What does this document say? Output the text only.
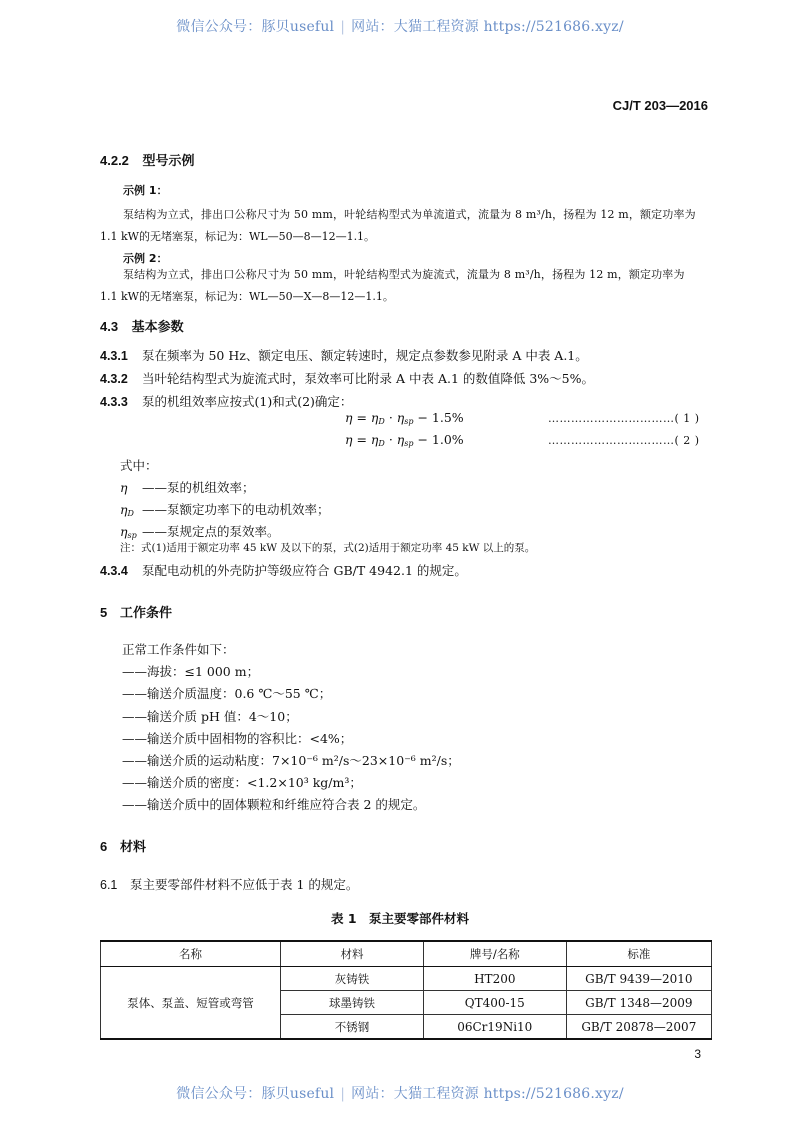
微信公众号：豚贝useful | 网站：大猫工程资源 https://521686.xyz/
CJ/T 203—2016
4.2.2 型号示例
示例 1：
泵结构为立式，排出口公称尺寸为 50 mm，叶轮结构型式为单流道式，流量为 8 m³/h，扬程为 12 m，额定功率为
1.1 kW的无堵塞泵，标记为：WL—50—8—12—1.1。
示例 2：
泵结构为立式，排出口公称尺寸为 50 mm，叶轮结构型式为旋流式，流量为 8 m³/h，扬程为 12 m，额定功率为
1.1 kW的无堵塞泵，标记为：WL—50—X—8—12—1.1。
4.3 基本参数
4.3.1 泵在频率为 50 Hz、额定电压、额定转速时，规定点参数参见附录 A 中表 A.1。
4.3.2 当叶轮结构型式为旋流式时，泵效率可比附录 A 中表 A.1 的数值降低 3%～5%。
4.3.3 泵的机组效率应按式(1)和式(2)确定：
$\eta = \eta_D \cdot \eta_{sp} - 1.5\%$	……………………………( 1 )
$\eta = \eta_D \cdot \eta_{sp} - 1.0\%$	……………………………( 2 )
式中：
η ——泵的机组效率；
$\eta_D$ ——泵额定功率下的电动机效率；
$\eta_{sp}$ ——泵规定点的泵效率。
注：式(1)适用于额定功率 45 kW 及以下的泵，式(2)适用于额定功率 45 kW 以上的泵。
4.3.4 泵配电动机的外壳防护等级应符合 GB/T 4942.1 的规定。
5 工作条件
正常工作条件如下：
——海拔：≤1 000 m；
——输送介质温度：0.6 ℃～55 ℃；
——输送介质 pH 值：4～10；
——输送介质中固相物的容积比：<4%；
——输送介质的运动粘度：7×10⁻⁶ m²/s～23×10⁻⁶ m²/s；
——输送介质的密度：<1.2×10³ kg/m³；
——输送介质中的固体颗粒和纤维应符合表 2 的规定。
6 材料
6.1 泵主要零部件材料不应低于表 1 的规定。
表 1　泵主要零部件材料
名称	材料	牌号/名称	标准
泵体、泵盖、短管或弯管	灰铸铁	HT200	GB/T 9439—2010
	球墨铸铁	QT400-15	GB/T 1348—2009
	不锈钢	06Cr19Ni10	GB/T 20878—2007
3
微信公众号：豚贝useful | 网站：大猫工程资源 https://521686.xyz/
